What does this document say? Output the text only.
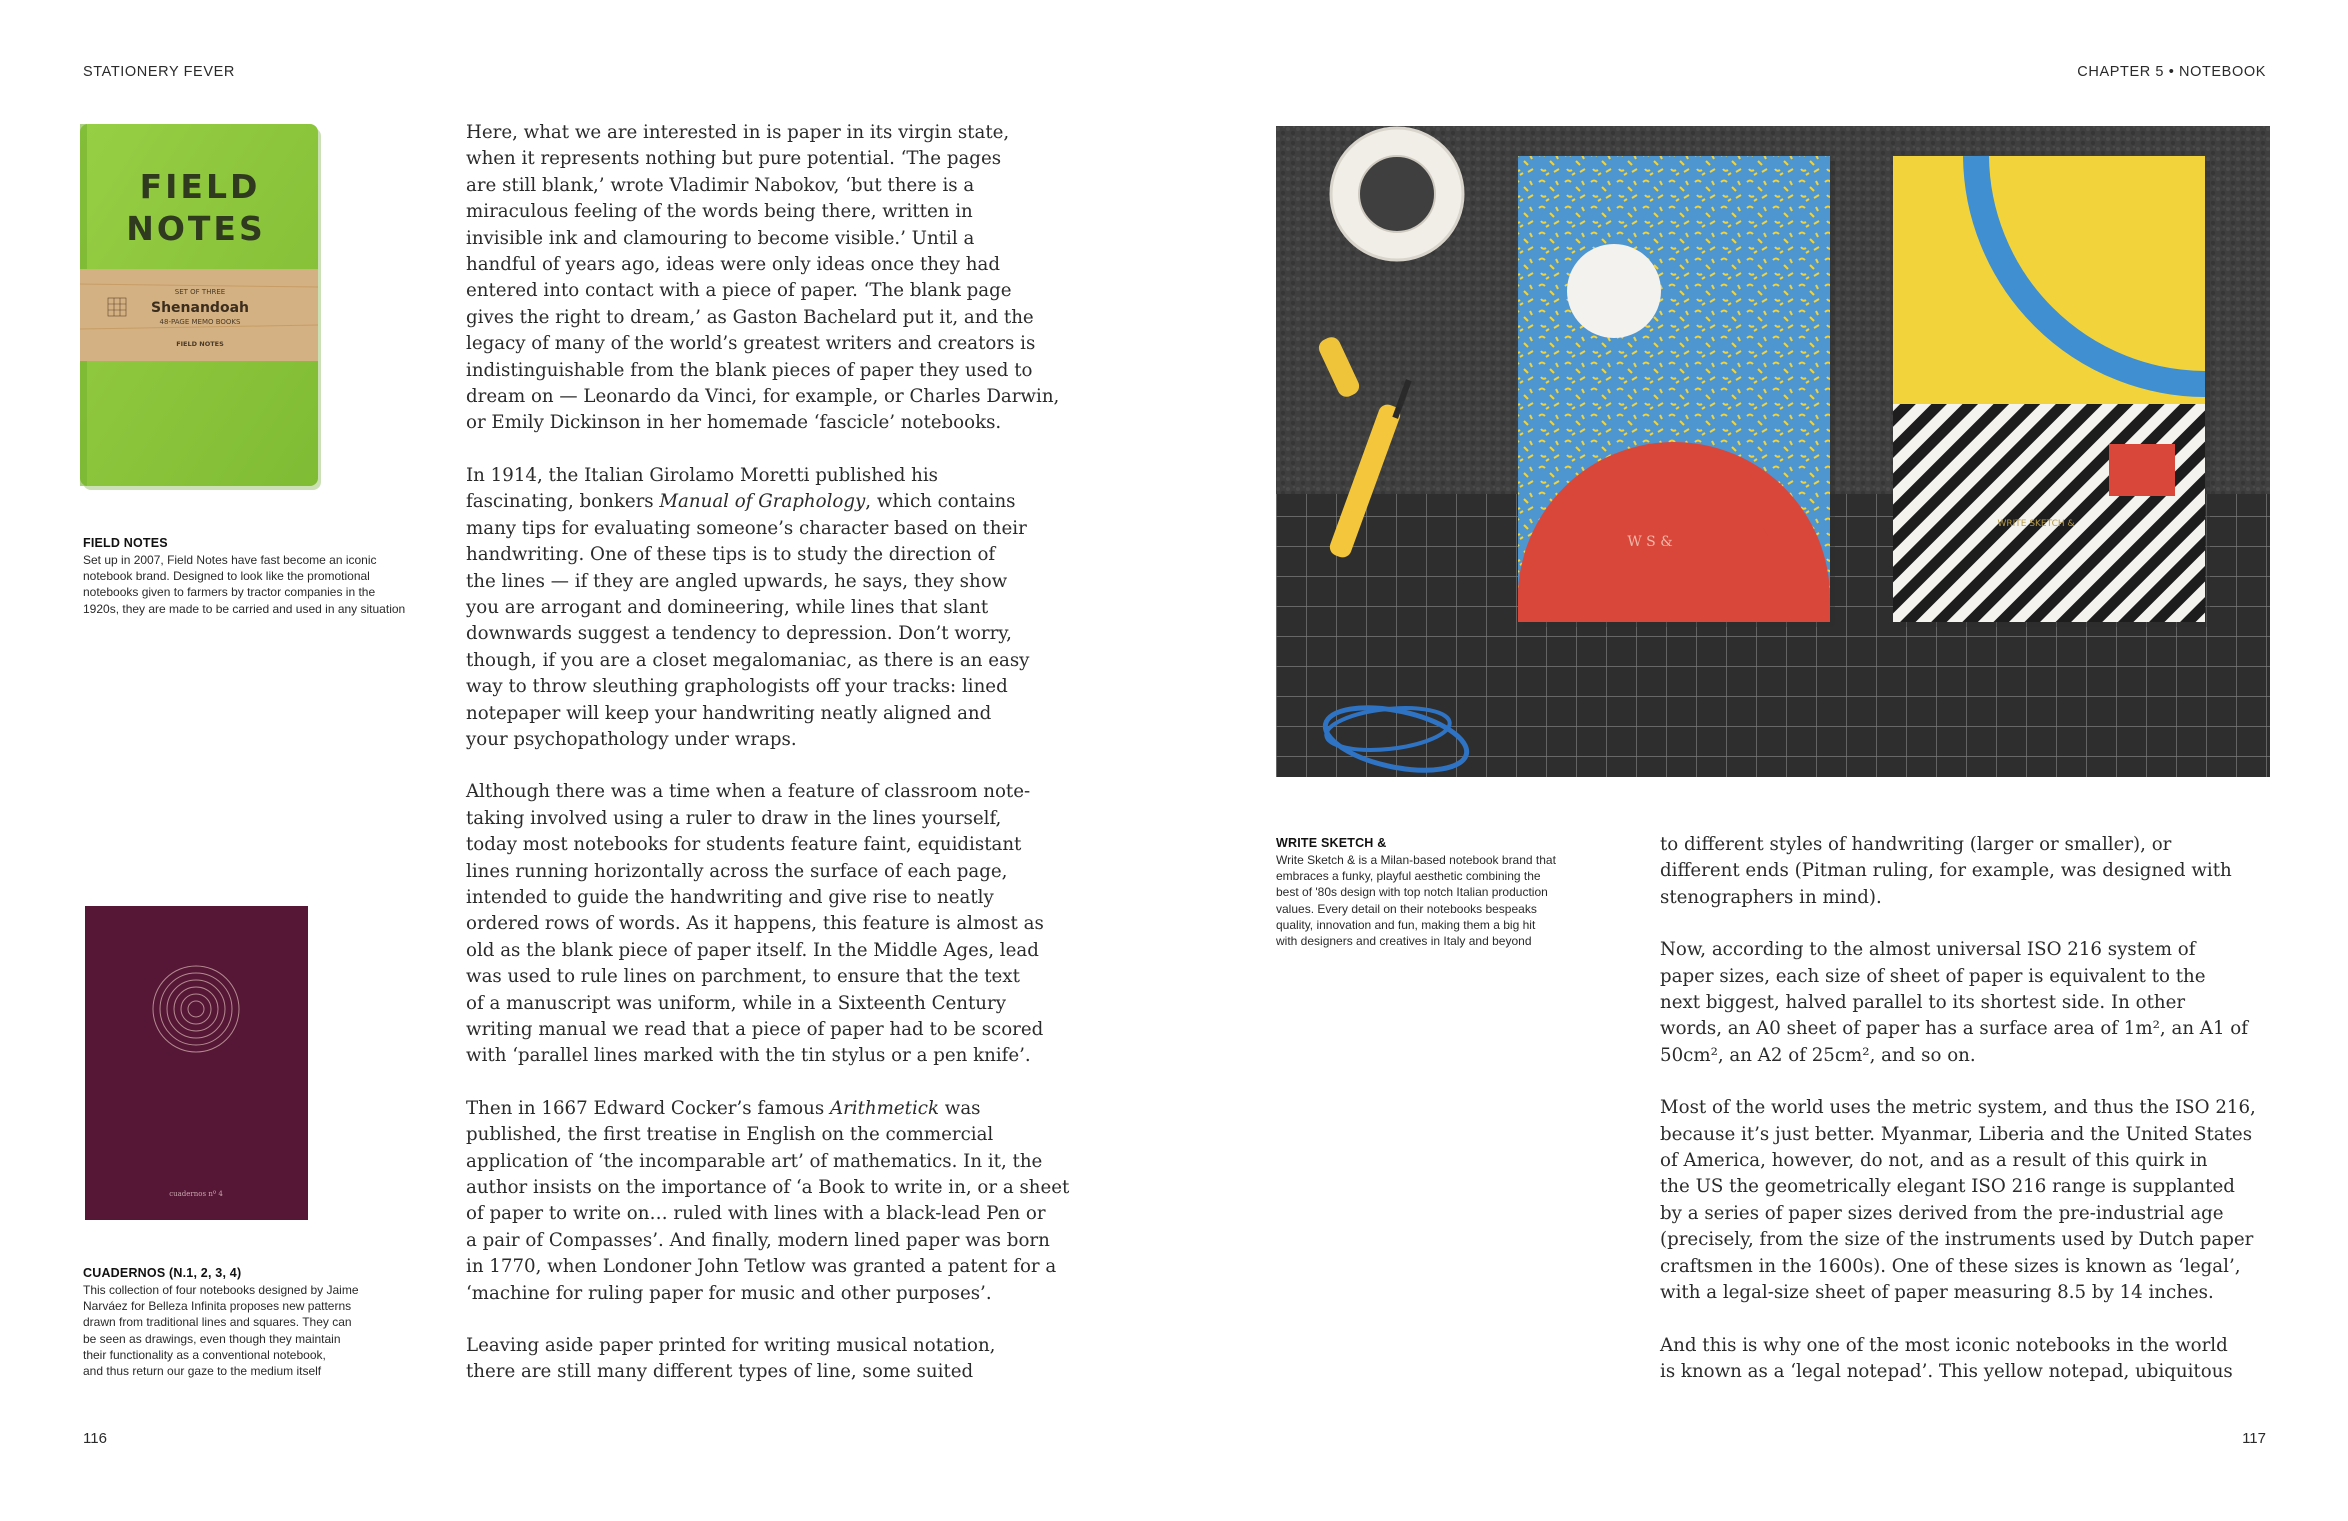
STATIONERY FEVER	CHAPTER 5 • NOTEBOOK
FIELD
NOTES
SET OF THREE
Shenandoah
48-PAGE MEMO BOOKS
FIELD NOTES

FIELD NOTES

Set up in 2007, Field Notes have fast become an iconic
notebook brand. Designed to look like the promotional
notebooks given to farmers by tractor companies in the
1920s, they are made to be carried and used in any situation

cuadernos nº 4

CUADERNOS (N.1, 2, 3, 4)

This collection of four notebooks designed by Jaime
Narváez for Belleza Infinita proposes new patterns
drawn from traditional lines and squares. They can
be seen as drawings, even though they maintain
their functionality as a conventional notebook,
and thus return our gaze to the medium itself

Here, what we are interested in is paper in its virgin state,
when it represents nothing but pure potential. ‘The pages
are still blank,’ wrote Vladimir Nabokov, ‘but there is a
miraculous feeling of the words being there, written in
invisible ink and clamouring to become visible.’ Until a
handful of years ago, ideas were only ideas once they had
entered into contact with a piece of paper. ‘The blank page
gives the right to dream,’ as Gaston Bachelard put it, and the
legacy of many of the world’s greatest writers and creators is
indistinguishable from the blank pieces of paper they used to
dream on — Leonardo da Vinci, for example, or Charles Darwin,
or Emily Dickinson in her homemade ‘fascicle’ notebooks.

In 1914, the Italian Girolamo Moretti published his
fascinating, bonkers Manual of Graphology, which contains
many tips for evaluating someone’s character based on their
handwriting. One of these tips is to study the direction of
the lines — if they are angled upwards, he says, they show
you are arrogant and domineering, while lines that slant
downwards suggest a tendency to depression. Don’t worry,
though, if you are a closet megalomaniac, as there is an easy
way to throw sleuthing graphologists off your tracks: lined
notepaper will keep your handwriting neatly aligned and
your psychopathology under wraps.

Although there was a time when a feature of classroom note-
taking involved using a ruler to draw in the lines yourself,
today most notebooks for students feature faint, equidistant
lines running horizontally across the surface of each page,
intended to guide the handwriting and give rise to neatly
ordered rows of words. As it happens, this feature is almost as
old as the blank piece of paper itself. In the Middle Ages, lead
was used to rule lines on parchment, to ensure that the text
of a manuscript was uniform, while in a Sixteenth Century
writing manual we read that a piece of paper had to be scored
with ‘parallel lines marked with the tin stylus or a pen knife’.

Then in 1667 Edward Cocker’s famous Arithmetick was
published, the first treatise in English on the commercial
application of ‘the incomparable art’ of mathematics. In it, the
author insists on the importance of ‘a Book to write in, or a sheet
of paper to write on… ruled with lines with a black-lead Pen or
a pair of Compasses’. And finally, modern lined paper was born
in 1770, when Londoner John Tetlow was granted a patent for a
‘machine for ruling paper for music and other purposes’.

Leaving aside paper printed for writing musical notation,
there are still many different types of line, some suited

W S &
WRITE SKETCH &

WRITE SKETCH &

Write Sketch & is a Milan-based notebook brand that
embraces a funky, playful aesthetic combining the
best of '80s design with top notch Italian production
values. Every detail on their notebooks bespeaks
quality, innovation and fun, making them a big hit
with designers and creatives in Italy and beyond

to different styles of handwriting (larger or smaller), or
different ends (Pitman ruling, for example, was designed with
stenographers in mind).

Now, according to the almost universal ISO 216 system of
paper sizes, each size of sheet of paper is equivalent to the
next biggest, halved parallel to its shortest side. In other
words, an A0 sheet of paper has a surface area of 1m², an A1 of
50cm², an A2 of 25cm², and so on.

Most of the world uses the metric system, and thus the ISO 216,
because it’s just better. Myanmar, Liberia and the United States
of America, however, do not, and as a result of this quirk in
the US the geometrically elegant ISO 216 range is supplanted
by a series of paper sizes derived from the pre-industrial age
(precisely, from the size of the instruments used by Dutch paper
craftsmen in the 1600s). One of these sizes is known as ‘legal’,
with a legal-size sheet of paper measuring 8.5 by 14 inches.

And this is why one of the most iconic notebooks in the world
is known as a ‘legal notepad’. This yellow notepad, ubiquitous

116	117
